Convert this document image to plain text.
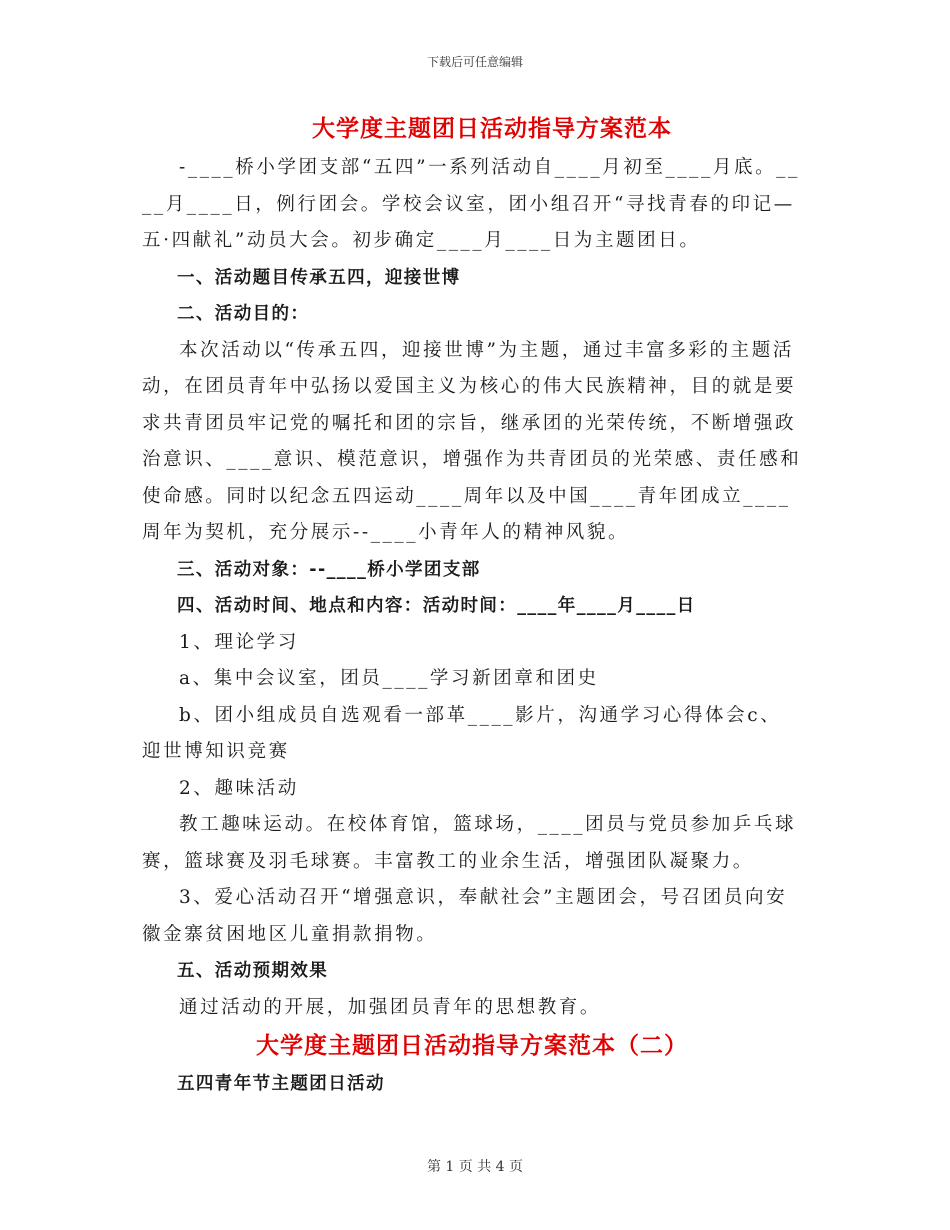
下载后可任意编辑
大学度主题团日活动指导方案范本

-____桥小学团支部“五四”一系列活动自____月初至____月底。____月____日，例行团会。学校会议室，团小组召开“寻找青春的印记—五·四献礼”动员大会。初步确定____月____日为主题团日。

一、活动题目传承五四，迎接世博

二、活动目的：

本次活动以“传承五四，迎接世博”为主题，通过丰富多彩的主题活动，在团员青年中弘扬以爱国主义为核心的伟大民族精神，目的就是要求共青团员牢记党的嘱托和团的宗旨，继承团的光荣传统，不断增强政治意识、____意识、模范意识，增强作为共青团员的光荣感、责任感和使命感。同时以纪念五四运动____周年以及中国____青年团成立____周年为契机，充分展示--____小青年人的精神风貌。

三、活动对象：--____桥小学团支部

四、活动时间、地点和内容：活动时间：____年____月____日

1、理论学习

a、集中会议室，团员____学习新团章和团史

b、团小组成员自选观看一部革____影片，沟通学习心得体会c、迎世博知识竞赛

2、趣味活动

教工趣味运动。在校体育馆，篮球场，____团员与党员参加乒乓球赛，篮球赛及羽毛球赛。丰富教工的业余生活，增强团队凝聚力。

3、爱心活动召开“增强意识，奉献社会”主题团会，号召团员向安徽金寨贫困地区儿童捐款捐物。

五、活动预期效果

通过活动的开展，加强团员青年的思想教育。

大学度主题团日活动指导方案范本（二）

五四青年节主题团日活动

第 1 页 共 4 页
